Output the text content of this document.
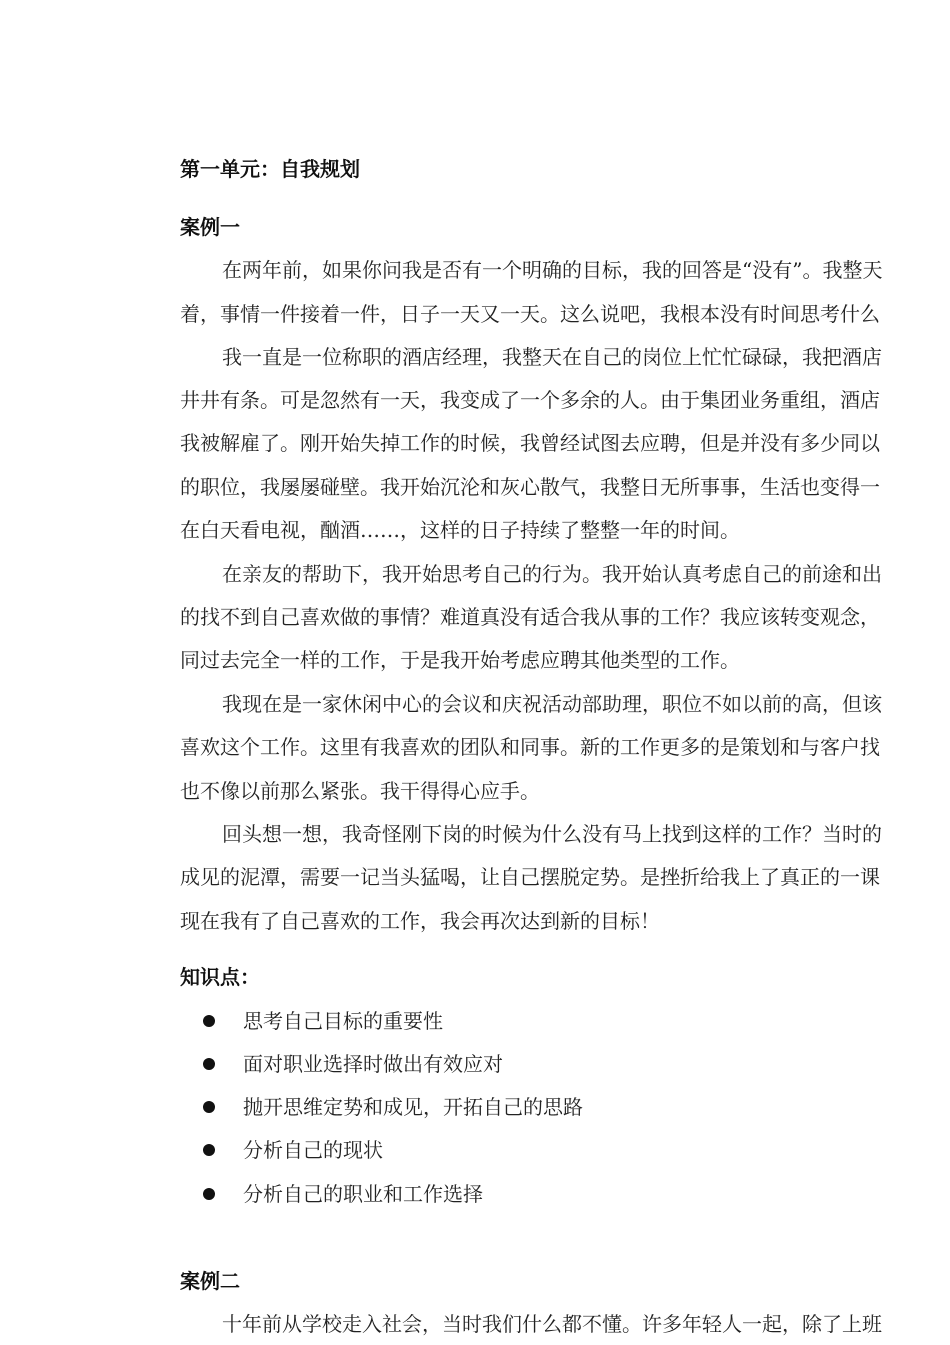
第一单元：自我规划
案例一
在两年前，如果你问我是否有一个明确的目标，我的回答是“没有”。我整天
着，事情一件接着一件，日子一天又一天。这么说吧，我根本没有时间思考什么
我一直是一位称职的酒店经理，我整天在自己的岗位上忙忙碌碌，我把酒店
井井有条。可是忽然有一天，我变成了一个多余的人。由于集团业务重组，酒店
我被解雇了。刚开始失掉工作的时候，我曾经试图去应聘，但是并没有多少同以
的职位，我屡屡碰壁。我开始沉沦和灰心散气，我整日无所事事，生活也变得一
在白天看电视，酗酒……，这样的日子持续了整整一年的时间。
在亲友的帮助下，我开始思考自己的行为。我开始认真考虑自己的前途和出
的找不到自己喜欢做的事情？难道真没有适合我从事的工作？我应该转变观念，
同过去完全一样的工作，于是我开始考虑应聘其他类型的工作。
我现在是一家休闲中心的会议和庆祝活动部助理，职位不如以前的高，但该
喜欢这个工作。这里有我喜欢的团队和同事。新的工作更多的是策划和与客户找
也不像以前那么紧张。我干得得心应手。
回头想一想，我奇怪刚下岗的时候为什么没有马上找到这样的工作？当时的
成见的泥潭，需要一记当头猛喝，让自己摆脱定势。是挫折给我上了真正的一课
现在我有了自己喜欢的工作，我会再次达到新的目标！
知识点：
思考自己目标的重要性
面对职业选择时做出有效应对
抛开思维定势和成见，开拓自己的思路
分析自己的现状
分析自己的职业和工作选择
案例二
十年前从学校走入社会，当时我们什么都不懂。许多年轻人一起，除了上班
